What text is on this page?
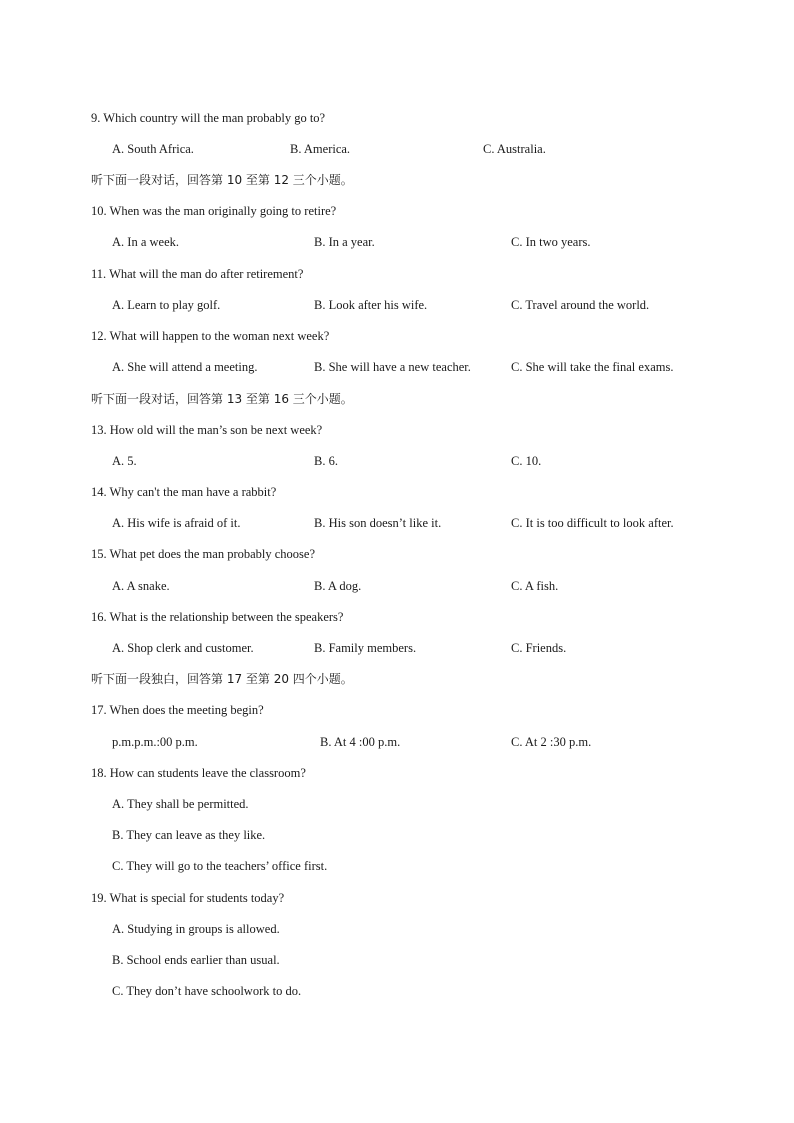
9. Which country will the man probably go to?
A. South Africa.	B. America.	C. Australia.
听下面一段对话，回答第 10 至第 12 三个小题。
10. When was the man originally going to retire?
A. In a week.	B. In a year.	C. In two years.
11. What will the man do after retirement?
A. Learn to play golf.	B. Look after his wife.	C. Travel around the world.
12. What will happen to the woman next week?
A. She will attend a meeting.	B. She will have a new teacher.	C. She will take the final exams.
听下面一段对话，回答第 13 至第 16 三个小题。
13. How old will the man’s son be next week?
A. 5.	B. 6.	C. 10.
14. Why can't the man have a rabbit?
A. His wife is afraid of it.	B. His son doesn’t like it.	C. It is too difficult to look after.
15. What pet does the man probably choose?
A. A snake.	B. A dog.	C. A fish.
16. What is the relationship between the speakers?
A. Shop clerk and customer.	B. Family members.	C. Friends.
听下面一段独白，回答第 17 至第 20 四个小题。
17. When does the meeting begin?
p.m.p.m.:00 p.m.	B. At 4 :00 p.m.	C. At 2 :30 p.m.
18. How can students leave the classroom?
A. They shall be permitted.
B. They can leave as they like.
C. They will go to the teachers’ office first.
19. What is special for students today?
A. Studying in groups is allowed.
B. School ends earlier than usual.
C. They don’t have schoolwork to do.
